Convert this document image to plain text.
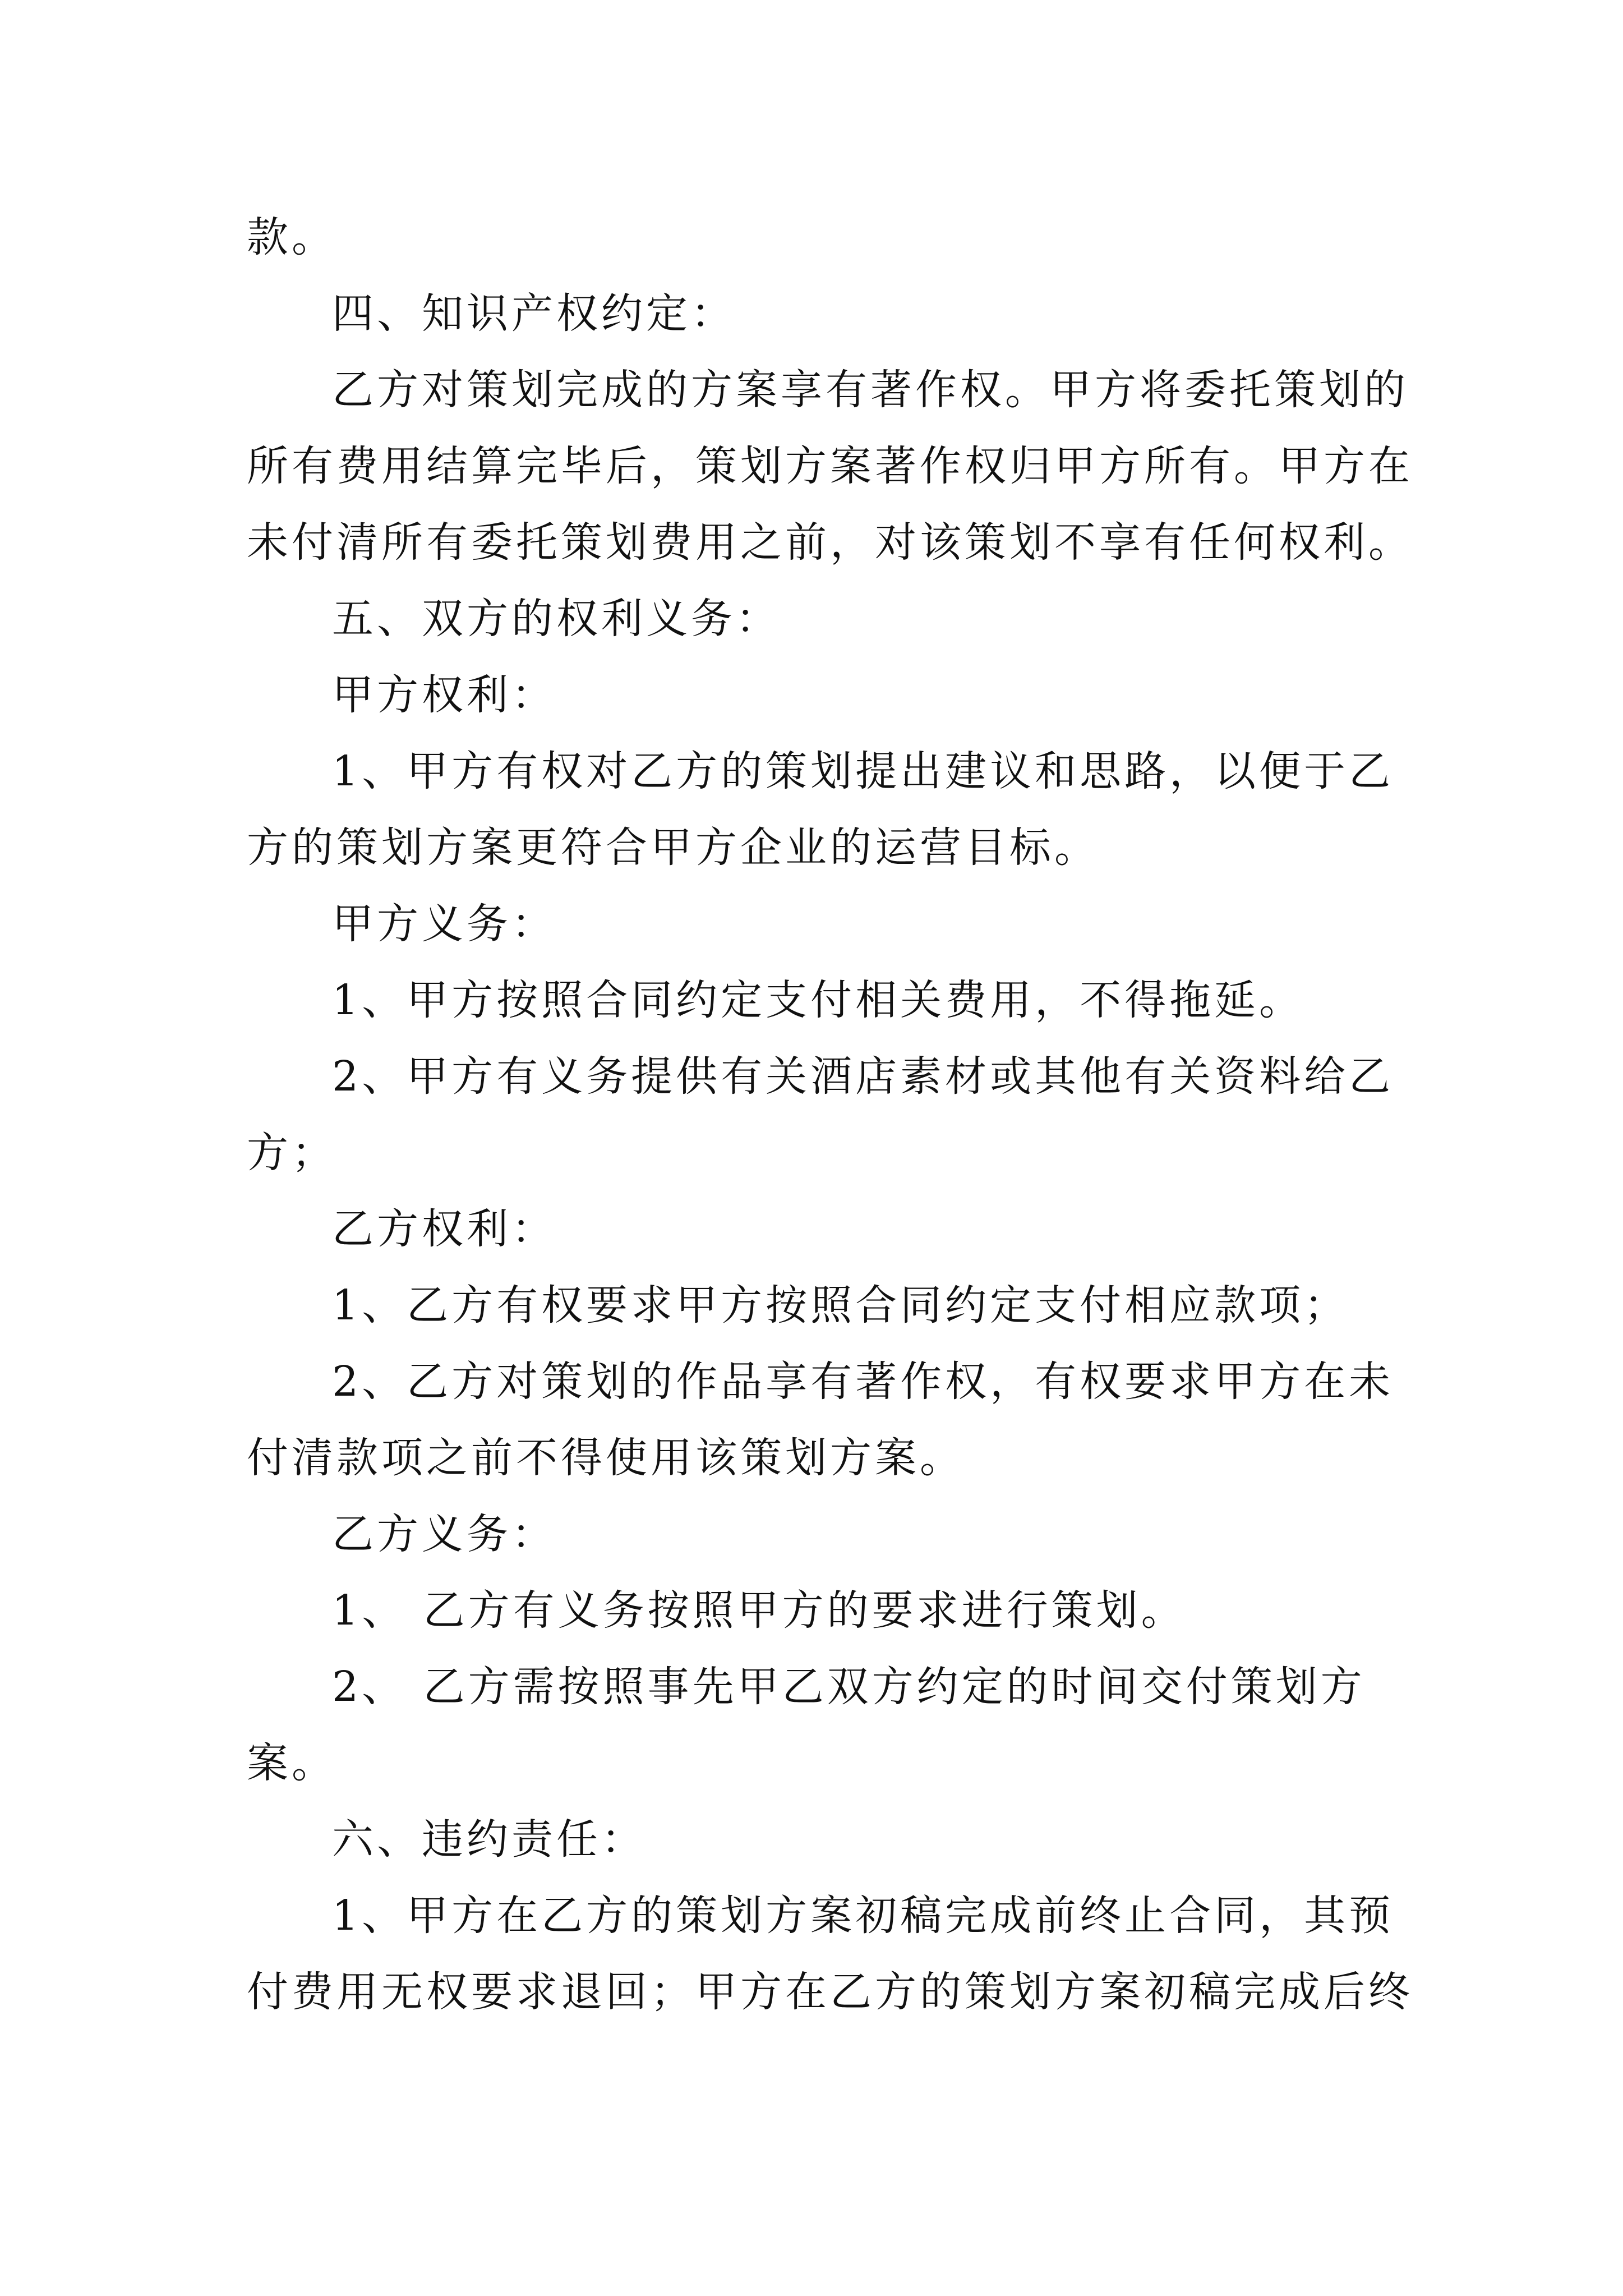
款。

四、知识产权约定：

乙方对策划完成的方案享有著作权。甲方将委托策划的

所有费用结算完毕后，策划方案著作权归甲方所有。甲方在

未付清所有委托策划费用之前，对该策划不享有任何权利。

五、双方的权利义务：

甲方权利：

1、甲方有权对乙方的策划提出建议和思路，以便于乙

方的策划方案更符合甲方企业的运营目标。

甲方义务：

1、甲方按照合同约定支付相关费用，不得拖延。

2、甲方有义务提供有关酒店素材或其他有关资料给乙

方；

乙方权利：

1、乙方有权要求甲方按照合同约定支付相应款项；

2、乙方对策划的作品享有著作权，有权要求甲方在未

付清款项之前不得使用该策划方案。

乙方义务：

1、 乙方有义务按照甲方的要求进行策划。

2、 乙方需按照事先甲乙双方约定的时间交付策划方

案。

六、违约责任：

1、甲方在乙方的策划方案初稿完成前终止合同，其预

付费用无权要求退回；甲方在乙方的策划方案初稿完成后终
